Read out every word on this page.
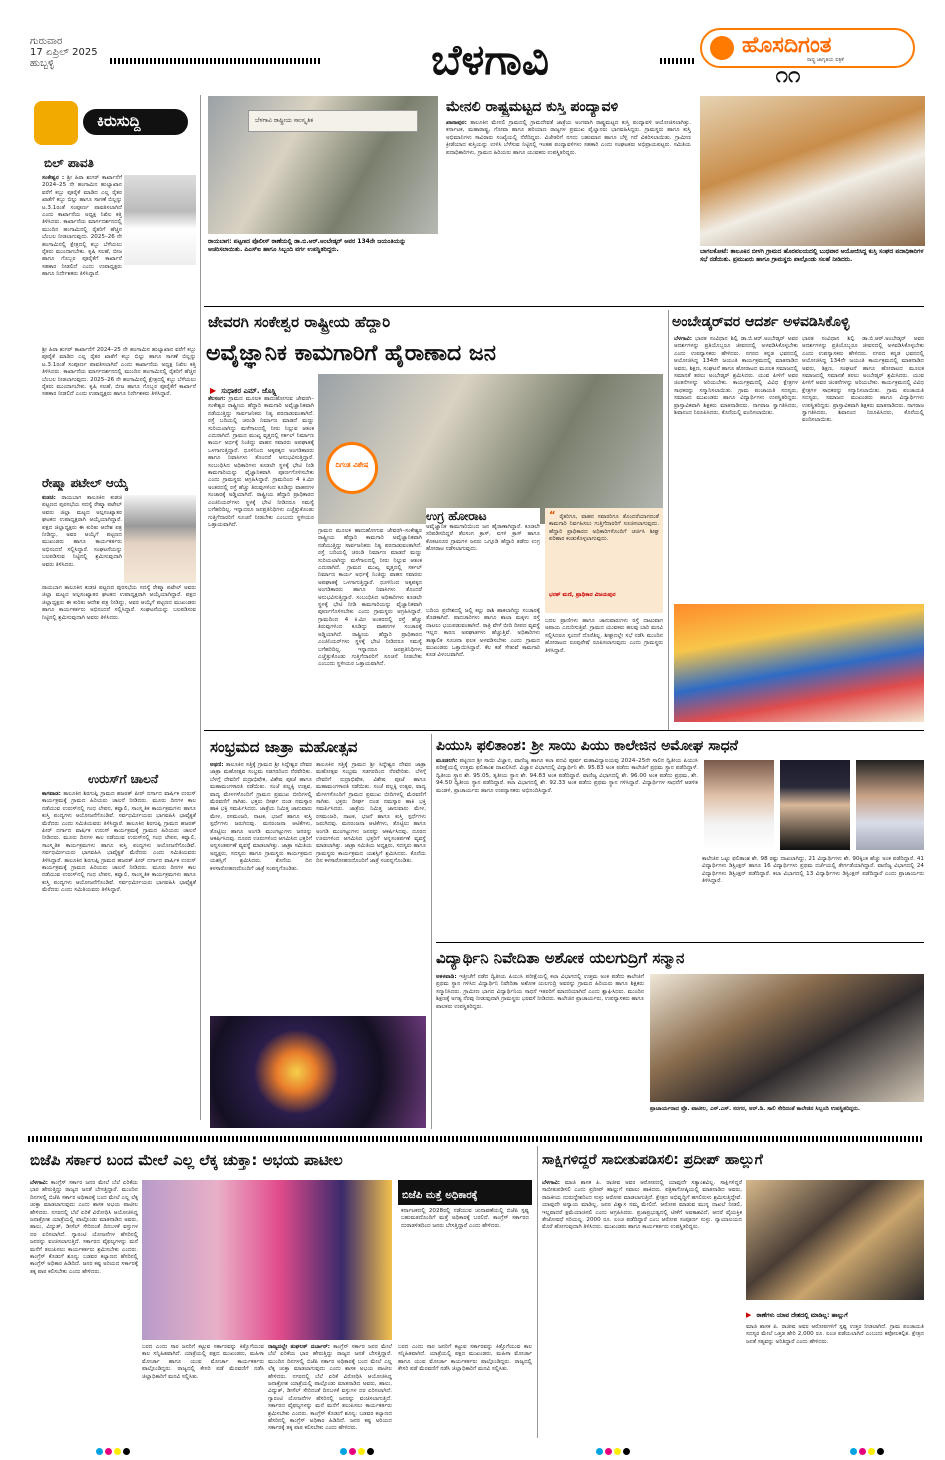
ಗುರುವಾರ
17 ಏಪ್ರಿಲ್ 2025
ಹುಬ್ಬಳ್ಳಿ	ಬೆಳಗಾವಿ	ಹೊಸದಿಗಂತ
ರಾಷ್ಟ್ರ ಜಾಗೃತಿಯ ಪತ್ರಿಕೆ
೧೧
ಕಿರುಸುದ್ದಿ
ಬಿಲ್ ಪಾವತಿ
ಸಂಕೇಶ್ವರ : ಶ್ರೀ ಹಿರಾ ಶುಗರ್ ಕಾರ್ಖಾನೆಗೆ 2024–25 ನೇ ಹಂಗಾಮಿನ ಹುಲ್ಯಾಖಾನ ವರೆಗೆ ಕಬ್ಬು ಪೂರೈಕೆ ಮಾಡಿದ ಎಲ್ಲ ರೈತರ ಖಾತೆಗೆ ಕಬ್ಬು ಬಿಲ್ಲು ಹಾಗೂ ಸಾಗಣೆ ಬಿಲ್ಲನ್ನು ಟ.3.1ರಂತೆ ಸಂಪೂರ್ಣ ಪಾವತಿಸಲಾಗಿದೆ ಎಂದು ಕಾರ್ಖಾನೆಯ ಅಧ್ಯಕ್ಷ ನಿಖಿಲ ಕತ್ತಿ ತಿಳಿಸಿದರು. ಕಾರ್ಖಾನೆಯ ಮಾರ್ಗದರ್ಶನದಲ್ಲಿ ಮುಂದಿನ ಹಂಗಾಮಿನಲ್ಲಿ ರೈತರಿಗೆ ಹೆಚ್ಚಿನ ಬೆಂಬಲ ನೀಡಲಾಗುವುದು. 2025–26 ನೇ ಹಂಗಾಮಿನಲ್ಲಿ ಕ್ಷೇತ್ರದಲ್ಲಿ ಕಬ್ಬು ಬೆಳೆಯಲು ರೈತರು ಮುಂದಾಗಬೇಕು. ಕೃಷಿ ಸಲಹೆ, ಬೀಜ ಹಾಗೂ ಗೊಬ್ಬರ ಪೂರೈಕೆಗೆ ಕಾರ್ಖಾನೆ ಸಹಕಾರ ನೀಡಲಿದೆ ಎಂದು ಉಪಾಧ್ಯಕ್ಷರು ಹಾಗೂ ನಿರ್ದೇಶಕರು ತಿಳಿಸಿದ್ದಾರೆ.
ಶ್ರೀ ಹಿರಾ ಶುಗರ್ ಕಾರ್ಖಾನೆಗೆ 2024–25 ನೇ ಹಂಗಾಮಿನ ಹುಲ್ಯಾಖಾನ ವರೆಗೆ ಕಬ್ಬು ಪೂರೈಕೆ ಮಾಡಿದ ಎಲ್ಲ ರೈತರ ಖಾತೆಗೆ ಕಬ್ಬು ಬಿಲ್ಲು ಹಾಗೂ ಸಾಗಣೆ ಬಿಲ್ಲನ್ನು ಟ.3.1ರಂತೆ ಸಂಪೂರ್ಣ ಪಾವತಿಸಲಾಗಿದೆ ಎಂದು ಕಾರ್ಖಾನೆಯ ಅಧ್ಯಕ್ಷ ನಿಖಿಲ ಕತ್ತಿ ತಿಳಿಸಿದರು. ಕಾರ್ಖಾನೆಯ ಮಾರ್ಗದರ್ಶನದಲ್ಲಿ ಮುಂದಿನ ಹಂಗಾಮಿನಲ್ಲಿ ರೈತರಿಗೆ ಹೆಚ್ಚಿನ ಬೆಂಬಲ ನೀಡಲಾಗುವುದು. 2025–26 ನೇ ಹಂಗಾಮಿನಲ್ಲಿ ಕ್ಷೇತ್ರದಲ್ಲಿ ಕಬ್ಬು ಬೆಳೆಯಲು ರೈತರು ಮುಂದಾಗಬೇಕು. ಕೃಷಿ ಸಲಹೆ, ಬೀಜ ಹಾಗೂ ಗೊಬ್ಬರ ಪೂರೈಕೆಗೆ ಕಾರ್ಖಾನೆ ಸಹಕಾರ ನೀಡಲಿದೆ ಎಂದು ಉಪಾಧ್ಯಕ್ಷರು ಹಾಗೂ ನಿರ್ದೇಶಕರು ತಿಳಿಸಿದ್ದಾರೆ.
ರೇಷ್ಮಾ ಪಟೇಲ್ ಆಯ್ಕೆ
ಕುಡಚಿ: ರಾಯಬಾಗ ತಾಲೂಕಿನ ಕುಡಚಿ ಪಟ್ಟಣದ ಪುರಸಭೆಯ ಸದಸ್ಯೆ ರೇಷ್ಮಾ ಪಟೇಲ್ ಅವರು ಜಿಲ್ಲಾ ಮಟ್ಟದ ಅಲ್ಪಸಂಖ್ಯಾತರ ಘಟಕದ ಉಪಾಧ್ಯಕ್ಷರಾಗಿ ಆಯ್ಕೆಯಾಗಿದ್ದಾರೆ. ಪಕ್ಷದ ಜಿಲ್ಲಾಧ್ಯಕ್ಷರು ಈ ಕುರಿತು ಆದೇಶ ಪತ್ರ ನೀಡಿದ್ದು, ಅವರ ಆಯ್ಕೆಗೆ ಪಟ್ಟಣದ ಮುಖಂಡರು ಹಾಗೂ ಕಾರ್ಯಕರ್ತರು ಅಭಿನಂದನೆ ಸಲ್ಲಿಸಿದ್ದಾರೆ. ಸಂಘಟನೆಯನ್ನು ಬಲಪಡಿಸುವ ನಿಟ್ಟಿನಲ್ಲಿ ಶ್ರಮಿಸುವುದಾಗಿ ಅವರು ತಿಳಿಸಿದರು.
ರಾಯಬಾಗ ತಾಲೂಕಿನ ಕುಡಚಿ ಪಟ್ಟಣದ ಪುರಸಭೆಯ ಸದಸ್ಯೆ ರೇಷ್ಮಾ ಪಟೇಲ್ ಅವರು ಜಿಲ್ಲಾ ಮಟ್ಟದ ಅಲ್ಪಸಂಖ್ಯಾತರ ಘಟಕದ ಉಪಾಧ್ಯಕ್ಷರಾಗಿ ಆಯ್ಕೆಯಾಗಿದ್ದಾರೆ. ಪಕ್ಷದ ಜಿಲ್ಲಾಧ್ಯಕ್ಷರು ಈ ಕುರಿತು ಆದೇಶ ಪತ್ರ ನೀಡಿದ್ದು, ಅವರ ಆಯ್ಕೆಗೆ ಪಟ್ಟಣದ ಮುಖಂಡರು ಹಾಗೂ ಕಾರ್ಯಕರ್ತರು ಅಭಿನಂದನೆ ಸಲ್ಲಿಸಿದ್ದಾರೆ. ಸಂಘಟನೆಯನ್ನು ಬಲಪಡಿಸುವ ನಿಟ್ಟಿನಲ್ಲಿ ಶ್ರಮಿಸುವುದಾಗಿ ಅವರು ತಿಳಿಸಿದರು.
ಉರುಸ್‌ಗೆ ಚಾಲನೆ
ಕಾಗವಾಡ: ತಾಲೂಕಿನ ಶಿರಗುಪ್ಪಿ ಗ್ರಾಮದ ಹಜರತ್ ಪೀರ್ ದರ್ಗಾದ ವಾರ್ಷಿಕ ಉರುಸ್ ಕಾರ್ಯಕ್ರಮಕ್ಕೆ ಗ್ರಾಮದ ಹಿರಿಯರು ಚಾಲನೆ ನೀಡಿದರು. ಮೂರು ದಿನಗಳ ಕಾಲ ನಡೆಯುವ ಉರುಸ್‌ನಲ್ಲಿ ಗಂಧ ಲೇಪನ, ಕವ್ವಾಲಿ, ಸಾಂಸ್ಕೃತಿಕ ಕಾರ್ಯಕ್ರಮಗಳು ಹಾಗೂ ಕುಸ್ತಿ ಪಂದ್ಯಗಳು ಆಯೋಜನೆಗೊಂಡಿವೆ. ಸರ್ವಧರ್ಮೀಯರು ಭಾಗವಹಿಸಿ ಭಾವೈಕ್ಯತೆ ಮೆರೆದರು ಎಂದು ಸಮಿತಿಯವರು ತಿಳಿಸಿದ್ದಾರೆ. ತಾಲೂಕಿನ ಶಿರಗುಪ್ಪಿ ಗ್ರಾಮದ ಹಜರತ್ ಪೀರ್ ದರ್ಗಾದ ವಾರ್ಷಿಕ ಉರುಸ್ ಕಾರ್ಯಕ್ರಮಕ್ಕೆ ಗ್ರಾಮದ ಹಿರಿಯರು ಚಾಲನೆ ನೀಡಿದರು. ಮೂರು ದಿನಗಳ ಕಾಲ ನಡೆಯುವ ಉರುಸ್‌ನಲ್ಲಿ ಗಂಧ ಲೇಪನ, ಕವ್ವಾಲಿ, ಸಾಂಸ್ಕೃತಿಕ ಕಾರ್ಯಕ್ರಮಗಳು ಹಾಗೂ ಕುಸ್ತಿ ಪಂದ್ಯಗಳು ಆಯೋಜನೆಗೊಂಡಿವೆ. ಸರ್ವಧರ್ಮೀಯರು ಭಾಗವಹಿಸಿ ಭಾವೈಕ್ಯತೆ ಮೆರೆದರು ಎಂದು ಸಮಿತಿಯವರು ತಿಳಿಸಿದ್ದಾರೆ. ತಾಲೂಕಿನ ಶಿರಗುಪ್ಪಿ ಗ್ರಾಮದ ಹಜರತ್ ಪೀರ್ ದರ್ಗಾದ ವಾರ್ಷಿಕ ಉರುಸ್ ಕಾರ್ಯಕ್ರಮಕ್ಕೆ ಗ್ರಾಮದ ಹಿರಿಯರು ಚಾಲನೆ ನೀಡಿದರು. ಮೂರು ದಿನಗಳ ಕಾಲ ನಡೆಯುವ ಉರುಸ್‌ನಲ್ಲಿ ಗಂಧ ಲೇಪನ, ಕವ್ವಾಲಿ, ಸಾಂಸ್ಕೃತಿಕ ಕಾರ್ಯಕ್ರಮಗಳು ಹಾಗೂ ಕುಸ್ತಿ ಪಂದ್ಯಗಳು ಆಯೋಜನೆಗೊಂಡಿವೆ. ಸರ್ವಧರ್ಮೀಯರು ಭಾಗವಹಿಸಿ ಭಾವೈಕ್ಯತೆ ಮೆರೆದರು ಎಂದು ಸಮಿತಿಯವರು ತಿಳಿಸಿದ್ದಾರೆ.
ಬೆಳಗಾವಿ ರಾಷ್ಟ್ರೀಯ ಸಾಂಸ್ಕೃತಿಕ
ರಾಯಬಾಗ: ಪಟ್ಟಣದ ಪೊಲೀಸ್ ಠಾಣೆಯಲ್ಲಿ ಡಾ.ಬಿ.ಆರ್.ಅಂಬೇಡ್ಕರ್ ಅವರ 134ನೇ ಜಯಂತಿಯನ್ನು ಆಚರಿಸಲಾಯಿತು. ಪಿಎಸ್‌ಐ ಹಾಗೂ ಸಿಬ್ಬಂದಿ ವರ್ಗ ಉಪಸ್ಥಿತರಿದ್ದರು.
ಮೇನಲಿ ರಾಷ್ಟ್ರಮಟ್ಟದ ಕುಸ್ತಿ ಪಂದ್ಯಾವಳಿ
ಖಾನಾಪುರ: ತಾಲೂಕಿನ ಮೇನಲಿ ಗ್ರಾಮದಲ್ಲಿ ಗ್ರಾಮದೇವತೆ ಜಾತ್ರೆಯ ಅಂಗವಾಗಿ ರಾಷ್ಟ್ರಮಟ್ಟದ ಕುಸ್ತಿ ಪಂದ್ಯಾವಳಿ ಆಯೋಜಿಸಲಾಗಿತ್ತು. ಕರ್ನಾಟಕ, ಮಹಾರಾಷ್ಟ್ರ, ಗೋವಾ ಹಾಗೂ ಹರಿಯಾಣ ರಾಜ್ಯಗಳ ಪ್ರಮುಖ ಪೈಲ್ವಾನರು ಭಾಗವಹಿಸಿದ್ದರು. ಗ್ರಾಮಸ್ಥರು ಹಾಗೂ ಕುಸ್ತಿ ಅಭಿಮಾನಿಗಳು ಸಾವಿರಾರು ಸಂಖ್ಯೆಯಲ್ಲಿ ನೆರೆದಿದ್ದರು. ವಿಜೇತರಿಗೆ ನಗದು ಬಹುಮಾನ ಹಾಗೂ ಬೆಳ್ಳಿ ಗದೆ ವಿತರಿಸಲಾಯಿತು. ಗ್ರಾಮೀಣ ಕ್ರೀಡೆಯಾದ ಕುಸ್ತಿಯನ್ನು ಉಳಿಸಿ ಬೆಳೆಸುವ ನಿಟ್ಟಿನಲ್ಲಿ ಇಂತಹ ಪಂದ್ಯಾವಳಿಗಳು ಸಹಕಾರಿ ಎಂದು ಸಂಘಟಕರು ಅಭಿಪ್ರಾಯಪಟ್ಟರು. ಸಮಿತಿಯ ಪದಾಧಿಕಾರಿಗಳು, ಗ್ರಾಮದ ಹಿರಿಯರು ಹಾಗೂ ಯುವಕರು ಉಪಸ್ಥಿತರಿದ್ದರು.
ಬಾಗಲಕೋಟೆ: ತಾಲೂಕಿನ ಬೀಳಗಿ ಗ್ರಾಮದ ಹೊರವಲಯದಲ್ಲಿ ಬುಧವಾರ ಆಯೋಜಿಸಿದ್ದ ಕುಸ್ತಿ ಸಂಘದ ಪದಾಧಿಕಾರಿಗಳ ಸಭೆ ನಡೆಯಿತು. ಪ್ರಮುಖರು ಹಾಗೂ ಗ್ರಾಮಸ್ಥರು ಪಾಲ್ಗೊಂಡು ಸಲಹೆ ನೀಡಿದರು.
ಜೇವರಗಿ ಸಂಕೇಶ್ವರ ರಾಷ್ಟ್ರೀಯ ಹೆದ್ದಾರಿ
ಅವೈಜ್ಞಾನಿಕ ಕಾಮಗಾರಿಗೆ ಹೈರಾಣಾದ ಜನ
▶ ಸುಧಾಕರ ಎಮ್. ಜೊಸ್ಲ್ಲಿ
ತೆಲಸಂಗ: ಗ್ರಾಮದ ಮೂಲಕ ಹಾದುಹೋಗುವ ಜೇವರಗಿ–ಸಂಕೇಶ್ವರ ರಾಷ್ಟ್ರೀಯ ಹೆದ್ದಾರಿ ಕಾಮಗಾರಿ ಅವೈಜ್ಞಾನಿಕವಾಗಿ ನಡೆಯುತ್ತಿದ್ದು ಸಾರ್ವಜನಿಕರು ನಿತ್ಯ ಪರದಾಡುವಂತಾಗಿದೆ. ರಸ್ತೆ ಬದಿಯಲ್ಲಿ ಚರಂಡಿ ನಿರ್ಮಾಣ ಮಾಡದೆ ಮಣ್ಣು ಸುರಿಯಲಾಗಿದ್ದು ಮಳೆಗಾಲದಲ್ಲಿ ನೀರು ನಿಲ್ಲುವ ಆತಂಕ ಎದುರಾಗಿದೆ. ಗ್ರಾಮದ ಮುಖ್ಯ ವೃತ್ತದಲ್ಲಿ ಸರ್ಕಲ್ ನಿರ್ಮಾಣ ಕಾರ್ಯ ಅರ್ಧಕ್ಕೆ ನಿಂತಿದ್ದು ವಾಹನ ಸವಾರರು ಅಪಘಾತಕ್ಕೆ ಒಳಗಾಗುತ್ತಿದ್ದಾರೆ. ಧೂಳಿನಿಂದ ಅಕ್ಕಪಕ್ಕದ ಅಂಗಡಿಕಾರರು ಹಾಗೂ ನಿವಾಸಿಗಳು ತೊಂದರೆ ಅನುಭವಿಸುತ್ತಿದ್ದಾರೆ. ಸಂಬಂಧಿಸಿದ ಅಧಿಕಾರಿಗಳು ಕೂಡಲೇ ಸ್ಥಳಕ್ಕೆ ಭೇಟಿ ನೀಡಿ ಕಾಮಗಾರಿಯನ್ನು ವೈಜ್ಞಾನಿಕವಾಗಿ ಪೂರ್ಣಗೊಳಿಸಬೇಕು ಎಂದು ಗ್ರಾಮಸ್ಥರು ಆಗ್ರಹಿಸಿದ್ದಾರೆ. ಗ್ರಾಮದಿಂದ 4 ಕಿ.ಮೀ ಅಂತರದಲ್ಲಿ ರಸ್ತೆ ಹೆಚ್ಚು ತಿರುವುಗಳಿಂದ ಕೂಡಿದ್ದು ವಾಹನಗಳ ಸಂಚಾರಕ್ಕೆ ಅಡ್ಡಿಯಾಗಿದೆ. ರಾಷ್ಟ್ರೀಯ ಹೆದ್ದಾರಿ ಪ್ರಾಧಿಕಾರದ ಎಂಜಿನಿಯರ್‌ಗಳು ಸ್ಥಳಕ್ಕೆ ಭೇಟಿ ನೀಡಿದರೂ ಸಮಸ್ಯೆ ಬಗೆಹರಿದಿಲ್ಲ. ಇನ್ನಾದರೂ ಜನಪ್ರತಿನಿಧಿಗಳು ಎಚ್ಚೆತ್ತುಕೊಂಡು ಗುತ್ತಿಗೆದಾರರಿಗೆ ಸೂಚನೆ ನೀಡಬೇಕು ಎಂಬುದು ಸ್ಥಳೀಯರ ಒತ್ತಾಯವಾಗಿದೆ.
ದಿಗಂತ ವಿಶೇಷ
ಗ್ರಾಮದ ಮೂಲಕ ಹಾದುಹೋಗುವ ಜೇವರಗಿ–ಸಂಕೇಶ್ವರ ರಾಷ್ಟ್ರೀಯ ಹೆದ್ದಾರಿ ಕಾಮಗಾರಿ ಅವೈಜ್ಞಾನಿಕವಾಗಿ ನಡೆಯುತ್ತಿದ್ದು ಸಾರ್ವಜನಿಕರು ನಿತ್ಯ ಪರದಾಡುವಂತಾಗಿದೆ. ರಸ್ತೆ ಬದಿಯಲ್ಲಿ ಚರಂಡಿ ನಿರ್ಮಾಣ ಮಾಡದೆ ಮಣ್ಣು ಸುರಿಯಲಾಗಿದ್ದು ಮಳೆಗಾಲದಲ್ಲಿ ನೀರು ನಿಲ್ಲುವ ಆತಂಕ ಎದುರಾಗಿದೆ. ಗ್ರಾಮದ ಮುಖ್ಯ ವೃತ್ತದಲ್ಲಿ ಸರ್ಕಲ್ ನಿರ್ಮಾಣ ಕಾರ್ಯ ಅರ್ಧಕ್ಕೆ ನಿಂತಿದ್ದು ವಾಹನ ಸವಾರರು ಅಪಘಾತಕ್ಕೆ ಒಳಗಾಗುತ್ತಿದ್ದಾರೆ. ಧೂಳಿನಿಂದ ಅಕ್ಕಪಕ್ಕದ ಅಂಗಡಿಕಾರರು ಹಾಗೂ ನಿವಾಸಿಗಳು ತೊಂದರೆ ಅನುಭವಿಸುತ್ತಿದ್ದಾರೆ. ಸಂಬಂಧಿಸಿದ ಅಧಿಕಾರಿಗಳು ಕೂಡಲೇ ಸ್ಥಳಕ್ಕೆ ಭೇಟಿ ನೀಡಿ ಕಾಮಗಾರಿಯನ್ನು ವೈಜ್ಞಾನಿಕವಾಗಿ ಪೂರ್ಣಗೊಳಿಸಬೇಕು ಎಂದು ಗ್ರಾಮಸ್ಥರು ಆಗ್ರಹಿಸಿದ್ದಾರೆ. ಗ್ರಾಮದಿಂದ 4 ಕಿ.ಮೀ ಅಂತರದಲ್ಲಿ ರಸ್ತೆ ಹೆಚ್ಚು ತಿರುವುಗಳಿಂದ ಕೂಡಿದ್ದು ವಾಹನಗಳ ಸಂಚಾರಕ್ಕೆ ಅಡ್ಡಿಯಾಗಿದೆ. ರಾಷ್ಟ್ರೀಯ ಹೆದ್ದಾರಿ ಪ್ರಾಧಿಕಾರದ ಎಂಜಿನಿಯರ್‌ಗಳು ಸ್ಥಳಕ್ಕೆ ಭೇಟಿ ನೀಡಿದರೂ ಸಮಸ್ಯೆ ಬಗೆಹರಿದಿಲ್ಲ. ಇನ್ನಾದರೂ ಜನಪ್ರತಿನಿಧಿಗಳು ಎಚ್ಚೆತ್ತುಕೊಂಡು ಗುತ್ತಿಗೆದಾರರಿಗೆ ಸೂಚನೆ ನೀಡಬೇಕು ಎಂಬುದು ಸ್ಥಳೀಯರ ಒತ್ತಾಯವಾಗಿದೆ.
ಉಗ್ರ ಹೋರಾಟ
ಅವೈಜ್ಞಾನಿಕ ಕಾಮಗಾರಿಯಿಂದ ಜನ ಹೈರಾಣಾಗಿದ್ದಾರೆ. ಕೂಡಲೇ ಸರಿಪಡಿಸದಿದ್ದರೆ ತೆಲಸಂಗ ಕ್ರಾಸ್, ಐಗಳಿ ಕ್ರಾಸ್ ಹಾಗೂ ಕೊಕಟನೂರ ಗ್ರಾಮಗಳ ಜನರು ಒಗ್ಗೂಡಿ ಹೆದ್ದಾರಿ ತಡೆದು ಉಗ್ರ ಹೋರಾಟ ನಡೆಸಲಾಗುವುದು.
“ ರೈತರಿಗೂ, ವಾಹನ ಸವಾರರಿಗೂ ತೊಂದರೆಯಾಗದಂತೆ ಕಾಮಗಾರಿ ನಿರ್ವಹಿಸಲು ಗುತ್ತಿಗೆದಾರರಿಗೆ ಸೂಚಿಸಲಾಗುವುದು. ಹೆದ್ದಾರಿ ಪ್ರಾಧಿಕಾರದ ಅಧಿಕಾರಿಗಳೊಂದಿಗೆ ಚರ್ಚಿಸಿ ಶೀಘ್ರ ಪರಿಹಾರ ಕಂಡುಕೊಳ್ಳಲಾಗುವುದು.
ಭರತ್ ಮಣಿ, ಪ್ರಾಧಿಕಾರ ವಿಜಯಪುರ
ಬದಿಯ ಪ್ರದೇಶದಲ್ಲಿ ಜಲ್ಲಿ ಕಲ್ಲು ರಾಶಿ ಹಾಕಲಾಗಿದ್ದು ಸಂಚಾರಕ್ಕೆ ತೊಡಕಾಗಿದೆ. ಪಾದಚಾರಿಗಳು ಹಾಗೂ ಶಾಲಾ ಮಕ್ಕಳು ರಸ್ತೆ ದಾಟಲು ಭಯಪಡುವಂತಾಗಿದೆ. ರಾತ್ರಿ ವೇಳೆ ಬೀದಿ ದೀಪದ ವ್ಯವಸ್ಥೆ ಇಲ್ಲದ ಕಾರಣ ಅಪಘಾತಗಳು ಹೆಚ್ಚುತ್ತಿವೆ. ಅಧಿಕಾರಿಗಳು ತಾತ್ಕಾಲಿಕ ಸೂಚನಾ ಫಲಕ ಅಳವಡಿಸಬೇಕು ಎಂದು ಗ್ರಾಮದ ಮುಖಂಡರು ಒತ್ತಾಯಿಸಿದ್ದಾರೆ. ಕೆಲ ಕಡೆ ಸೇತುವೆ ಕಾಮಗಾರಿ ಕೂಡ ವಿಳಂಬವಾಗಿದೆ.
ಬದಲ ಪ್ರಾಣಿಗಳು ಹಾಗೂ ಜಾನುವಾರುಗಳು ರಸ್ತೆ ದಾಟುವಾಗ ಅಪಾಯ ಎದುರಿಸುತ್ತಿವೆ. ಗ್ರಾಮದ ಯುವಕರು ಹಲವು ಬಾರಿ ಮನವಿ ಸಲ್ಲಿಸಿದರೂ ಸ್ಪಂದನೆ ದೊರೆತಿಲ್ಲ. ಶೀಘ್ರದಲ್ಲೇ ಸಭೆ ನಡೆಸಿ ಮುಂದಿನ ಹೋರಾಟದ ರೂಪುರೇಷೆ ರೂಪಿಸಲಾಗುವುದು ಎಂದು ಗ್ರಾಮಸ್ಥರು ತಿಳಿಸಿದ್ದಾರೆ.
ಅಂಬೇಡ್ಕರ್‌ವರ ಆದರ್ಶ ಅಳವಡಿಸಿಕೊಳ್ಳಿ
ಬೆಳಗಾವಿ: ಭಾರತ ಸಂವಿಧಾನ ಶಿಲ್ಪಿ ಡಾ.ಬಿ.ಆರ್.ಅಂಬೇಡ್ಕರ್ ಅವರ ಆದರ್ಶಗಳನ್ನು ಪ್ರತಿಯೊಬ್ಬರೂ ಜೀವನದಲ್ಲಿ ಅಳವಡಿಸಿಕೊಳ್ಳಬೇಕು ಎಂದು ಉಪನ್ಯಾಸಕರು ಹೇಳಿದರು. ನಗರದ ಕನ್ನಡ ಭವನದಲ್ಲಿ ಆಯೋಜಿಸಿದ್ದ 134ನೇ ಜಯಂತಿ ಕಾರ್ಯಕ್ರಮದಲ್ಲಿ ಮಾತನಾಡಿದ ಅವರು, ಶಿಕ್ಷಣ, ಸಂಘಟನೆ ಹಾಗೂ ಹೋರಾಟದ ಮೂಲಕ ಸಮಾಜದಲ್ಲಿ ಸಮಾನತೆ ತರಲು ಅಂಬೇಡ್ಕರ್ ಶ್ರಮಿಸಿದರು. ಯುವ ಪೀಳಿಗೆ ಅವರ ಚಿಂತನೆಗಳನ್ನು ಅರಿಯಬೇಕು. ಕಾರ್ಯಕ್ರಮದಲ್ಲಿ ವಿವಿಧ ಕ್ಷೇತ್ರಗಳ ಸಾಧಕರನ್ನು ಸನ್ಮಾನಿಸಲಾಯಿತು. ಗ್ರಾಮ ಪಂಚಾಯತಿ ಸದಸ್ಯರು, ಸಮಾಜದ ಮುಖಂಡರು ಹಾಗೂ ವಿದ್ಯಾರ್ಥಿಗಳು ಉಪಸ್ಥಿತರಿದ್ದರು. ಪ್ರಾಸ್ತಾವಿಕವಾಗಿ ಶಿಕ್ಷಕರು ಮಾತನಾಡಿದರು. ನಾಗರಾಜ ಸ್ವಾಗತಿಸಿದರು, ಶಿವಾನಂದ ನಿರೂಪಿಸಿದರು, ಕೊನೆಯಲ್ಲಿ ವಂದಿಸಲಾಯಿತು.
ಭಾರತ ಸಂವಿಧಾನ ಶಿಲ್ಪಿ ಡಾ.ಬಿ.ಆರ್.ಅಂಬೇಡ್ಕರ್ ಅವರ ಆದರ್ಶಗಳನ್ನು ಪ್ರತಿಯೊಬ್ಬರೂ ಜೀವನದಲ್ಲಿ ಅಳವಡಿಸಿಕೊಳ್ಳಬೇಕು ಎಂದು ಉಪನ್ಯಾಸಕರು ಹೇಳಿದರು. ನಗರದ ಕನ್ನಡ ಭವನದಲ್ಲಿ ಆಯೋಜಿಸಿದ್ದ 134ನೇ ಜಯಂತಿ ಕಾರ್ಯಕ್ರಮದಲ್ಲಿ ಮಾತನಾಡಿದ ಅವರು, ಶಿಕ್ಷಣ, ಸಂಘಟನೆ ಹಾಗೂ ಹೋರಾಟದ ಮೂಲಕ ಸಮಾಜದಲ್ಲಿ ಸಮಾನತೆ ತರಲು ಅಂಬೇಡ್ಕರ್ ಶ್ರಮಿಸಿದರು. ಯುವ ಪೀಳಿಗೆ ಅವರ ಚಿಂತನೆಗಳನ್ನು ಅರಿಯಬೇಕು. ಕಾರ್ಯಕ್ರಮದಲ್ಲಿ ವಿವಿಧ ಕ್ಷೇತ್ರಗಳ ಸಾಧಕರನ್ನು ಸನ್ಮಾನಿಸಲಾಯಿತು. ಗ್ರಾಮ ಪಂಚಾಯತಿ ಸದಸ್ಯರು, ಸಮಾಜದ ಮುಖಂಡರು ಹಾಗೂ ವಿದ್ಯಾರ್ಥಿಗಳು ಉಪಸ್ಥಿತರಿದ್ದರು. ಪ್ರಾಸ್ತಾವಿಕವಾಗಿ ಶಿಕ್ಷಕರು ಮಾತನಾಡಿದರು. ನಾಗರಾಜ ಸ್ವಾಗತಿಸಿದರು, ಶಿವಾನಂದ ನಿರೂಪಿಸಿದರು, ಕೊನೆಯಲ್ಲಿ ವಂದಿಸಲಾಯಿತು.
ಸಂಭ್ರಮದ ಜಾತ್ರಾ ಮಹೋತ್ಸವ
ಅಥಣಿ: ತಾಲೂಕಿನ ಸತ್ತಿಕ್ಕೆ ಗ್ರಾಮದ ಶ್ರೀ ಸಿದ್ದೇಶ್ವರ ದೇವರ ಜಾತ್ರಾ ಮಹೋತ್ಸವ ಸಂಭ್ರಮ ಸಡಗರದಿಂದ ನೆರವೇರಿತು. ಬೆಳಗ್ಗೆ ದೇವರಿಗೆ ರುದ್ರಾಭಿಷೇಕ, ವಿಶೇಷ ಪೂಜೆ ಹಾಗೂ ಮಹಾಮಂಗಳಾರತಿ ನಡೆಯಿತು. ಸಂಜೆ ಪಲ್ಲಕ್ಕಿ ಉತ್ಸವ, ವಾದ್ಯ ಮೇಳಗಳೊಂದಿಗೆ ಗ್ರಾಮದ ಪ್ರಮುಖ ಬೀದಿಗಳಲ್ಲಿ ಮೆರವಣಿಗೆ ಸಾಗಿತು. ಭಕ್ತರು ದೀರ್ಘ ದಂಡ ನಮಸ್ಕಾರ ಹಾಕಿ ಭಕ್ತಿ ಸಮರ್ಪಿಸಿದರು. ಜಾತ್ರೆಯ ನಿಮಿತ್ತ ಜಾನುವಾರು ಮೇಳ, ರಸಮಂಜರಿ, ನಾಟಕ, ಭಜನೆ ಹಾಗೂ ಕುಸ್ತಿ ಸ್ಪರ್ಧೆಗಳು ಜರುಗಿದವು. ಮನರಂಜನಾ ಆಟಿಕೆಗಳು, ತೊಟ್ಟಿಲು ಹಾಗೂ ಅಂಗಡಿ ಮುಂಗಟ್ಟುಗಳು ಜನರನ್ನು ಆಕರ್ಷಿಸಿದವು. ದೂರದ ಊರುಗಳಿಂದ ಆಗಮಿಸಿದ ಭಕ್ತರಿಗೆ ಅನ್ನಸಂತರ್ಪಣೆ ವ್ಯವಸ್ಥೆ ಮಾಡಲಾಗಿತ್ತು. ಜಾತ್ರಾ ಸಮಿತಿಯ ಅಧ್ಯಕ್ಷರು, ಸದಸ್ಯರು ಹಾಗೂ ಗ್ರಾಮಸ್ಥರು ಕಾರ್ಯಕ್ರಮದ ಯಶಸ್ಸಿಗೆ ಶ್ರಮಿಸಿದರು. ಕೊನೆಯ ದಿನ ಕಳಸಾರೋಹಣದೊಂದಿಗೆ ಜಾತ್ರೆ ಸಂಪನ್ನಗೊಂಡಿತು.
ತಾಲೂಕಿನ ಸತ್ತಿಕ್ಕೆ ಗ್ರಾಮದ ಶ್ರೀ ಸಿದ್ದೇಶ್ವರ ದೇವರ ಜಾತ್ರಾ ಮಹೋತ್ಸವ ಸಂಭ್ರಮ ಸಡಗರದಿಂದ ನೆರವೇರಿತು. ಬೆಳಗ್ಗೆ ದೇವರಿಗೆ ರುದ್ರಾಭಿಷೇಕ, ವಿಶೇಷ ಪೂಜೆ ಹಾಗೂ ಮಹಾಮಂಗಳಾರತಿ ನಡೆಯಿತು. ಸಂಜೆ ಪಲ್ಲಕ್ಕಿ ಉತ್ಸವ, ವಾದ್ಯ ಮೇಳಗಳೊಂದಿಗೆ ಗ್ರಾಮದ ಪ್ರಮುಖ ಬೀದಿಗಳಲ್ಲಿ ಮೆರವಣಿಗೆ ಸಾಗಿತು. ಭಕ್ತರು ದೀರ್ಘ ದಂಡ ನಮಸ್ಕಾರ ಹಾಕಿ ಭಕ್ತಿ ಸಮರ್ಪಿಸಿದರು. ಜಾತ್ರೆಯ ನಿಮಿತ್ತ ಜಾನುವಾರು ಮೇಳ, ರಸಮಂಜರಿ, ನಾಟಕ, ಭಜನೆ ಹಾಗೂ ಕುಸ್ತಿ ಸ್ಪರ್ಧೆಗಳು ಜರುಗಿದವು. ಮನರಂಜನಾ ಆಟಿಕೆಗಳು, ತೊಟ್ಟಿಲು ಹಾಗೂ ಅಂಗಡಿ ಮುಂಗಟ್ಟುಗಳು ಜನರನ್ನು ಆಕರ್ಷಿಸಿದವು. ದೂರದ ಊರುಗಳಿಂದ ಆಗಮಿಸಿದ ಭಕ್ತರಿಗೆ ಅನ್ನಸಂತರ್ಪಣೆ ವ್ಯವಸ್ಥೆ ಮಾಡಲಾಗಿತ್ತು. ಜಾತ್ರಾ ಸಮಿತಿಯ ಅಧ್ಯಕ್ಷರು, ಸದಸ್ಯರು ಹಾಗೂ ಗ್ರಾಮಸ್ಥರು ಕಾರ್ಯಕ್ರಮದ ಯಶಸ್ಸಿಗೆ ಶ್ರಮಿಸಿದರು. ಕೊನೆಯ ದಿನ ಕಳಸಾರೋಹಣದೊಂದಿಗೆ ಜಾತ್ರೆ ಸಂಪನ್ನಗೊಂಡಿತು.
ಪಿಯುಸಿ ಫಲಿತಾಂಶ: ಶ್ರೀ ಸಾಯಿ ಪಿಯು ಕಾಲೇಜಿನ ಅಮೋಘ ಸಾಧನೆ
ಮೂಡಲಗಿ: ಪಟ್ಟಣದ ಶ್ರೀ ಸಾಯಿ ವಿಜ್ಞಾನ, ವಾಣಿಜ್ಯ ಹಾಗೂ ಕಲಾ ಪದವಿ ಪೂರ್ವ ಮಹಾವಿದ್ಯಾಲಯವು 2024–25ನೇ ಸಾಲಿನ ದ್ವಿತೀಯ ಪಿಯುಸಿ ಪರೀಕ್ಷೆಯಲ್ಲಿ ಉತ್ತಮ ಫಲಿತಾಂಶ ದಾಖಲಿಸಿದೆ. ವಿಜ್ಞಾನ ವಿಭಾಗದಲ್ಲಿ ವಿದ್ಯಾರ್ಥಿನಿ ಶೇ. 95.83 ಅಂಕ ಪಡೆದು ಕಾಲೇಜಿಗೆ ಪ್ರಥಮ ಸ್ಥಾನ ಪಡೆದಿದ್ದಾಳೆ. ದ್ವಿತೀಯ ಸ್ಥಾನ ಶೇ. 95.05, ತೃತೀಯ ಸ್ಥಾನ ಶೇ. 94.83 ಅಂಕ ಪಡೆದಿದ್ದಾರೆ. ವಾಣಿಜ್ಯ ವಿಭಾಗದಲ್ಲಿ ಶೇ. 96.00 ಅಂಕ ಪಡೆದು ಪ್ರಥಮ, ಶೇ. 94.50 ದ್ವಿತೀಯ ಸ್ಥಾನ ಪಡೆದಿದ್ದಾರೆ. ಕಲಾ ವಿಭಾಗದಲ್ಲಿ ಶೇ. 92.33 ಅಂಕ ಪಡೆದು ಪ್ರಥಮ ಸ್ಥಾನ ಗಳಿಸಿದ್ದಾರೆ. ವಿದ್ಯಾರ್ಥಿಗಳ ಸಾಧನೆಗೆ ಆಡಳಿತ ಮಂಡಳಿ, ಪ್ರಾಚಾರ್ಯರು ಹಾಗೂ ಉಪನ್ಯಾಸಕರು ಅಭಿನಂದಿಸಿದ್ದಾರೆ.
ಕಾಲೇಜಿನ ಒಟ್ಟು ಫಲಿತಾಂಶ ಶೇ. 98 ರಷ್ಟು ದಾಖಲಾಗಿದ್ದು, 21 ವಿದ್ಯಾರ್ಥಿಗಳು ಶೇ. 90ಕ್ಕಿಂತ ಹೆಚ್ಚು ಅಂಕ ಪಡೆದಿದ್ದಾರೆ. 41 ವಿದ್ಯಾರ್ಥಿಗಳು ಡಿಸ್ಟಿಂಕ್ಷನ್ ಹಾಗೂ 16 ವಿದ್ಯಾರ್ಥಿಗಳು ಪ್ರಥಮ ದರ್ಜೆಯಲ್ಲಿ ತೇರ್ಗಡೆಯಾಗಿದ್ದಾರೆ. ವಾಣಿಜ್ಯ ವಿಭಾಗದಲ್ಲಿ 24 ವಿದ್ಯಾರ್ಥಿಗಳು ಡಿಸ್ಟಿಂಕ್ಷನ್ ಪಡೆದಿದ್ದಾರೆ. ಕಲಾ ವಿಭಾಗದಲ್ಲಿ 13 ವಿದ್ಯಾರ್ಥಿಗಳು ಡಿಸ್ಟಿಂಕ್ಷನ್ ಪಡೆದಿದ್ದಾರೆ ಎಂದು ಪ್ರಾಚಾರ್ಯರು ತಿಳಿಸಿದ್ದಾರೆ.
ವಿದ್ಯಾರ್ಥಿನಿ ನಿವೇದಿತಾ ಅಶೋಕ ಯಲಗುದ್ರಿಗೆ ಸನ್ಮಾನ
ಅಕಳವಾಡಿ: ಇತ್ತೀಚೆಗೆ ನಡೆದ ದ್ವಿತೀಯ ಪಿಯುಸಿ ಪರೀಕ್ಷೆಯಲ್ಲಿ ಕಲಾ ವಿಭಾಗದಲ್ಲಿ ಉತ್ತಮ ಅಂಕ ಪಡೆದು ಕಾಲೇಜಿಗೆ ಪ್ರಥಮ ಸ್ಥಾನ ಗಳಿಸಿದ ವಿದ್ಯಾರ್ಥಿನಿ ನಿವೇದಿತಾ ಅಶೋಕ ಯಲಗುದ್ರಿ ಅವರನ್ನು ಗ್ರಾಮದ ಹಿರಿಯರು ಹಾಗೂ ಶಿಕ್ಷಕರು ಸನ್ಮಾನಿಸಿದರು. ಗ್ರಾಮೀಣ ಭಾಗದ ವಿದ್ಯಾರ್ಥಿನಿಯ ಸಾಧನೆ ಇತರರಿಗೆ ಮಾದರಿಯಾಗಿದೆ ಎಂದು ಶ್ಲಾಘಿಸಿದರು. ಮುಂದಿನ ಶಿಕ್ಷಣಕ್ಕೆ ಅಗತ್ಯ ನೆರವು ನೀಡುವುದಾಗಿ ಗ್ರಾಮಸ್ಥರು ಭರವಸೆ ನೀಡಿದರು. ಕಾಲೇಜಿನ ಪ್ರಾಚಾರ್ಯರು, ಉಪನ್ಯಾಸಕರು ಹಾಗೂ ಪಾಲಕರು ಉಪಸ್ಥಿತರಿದ್ದರು.
ಪ್ರಾಚಾರ್ಯರಾದ ಪ್ರೊ. ಪಾಟೀಲ, ಎಸ್.ಎಸ್. ಸರಗರ, ಆರ್.ಡಿ. ಸಾಲಿ ಸೇರಿದಂತೆ ಕಾಲೇಜಿನ ಸಿಬ್ಬಂದಿ ಉಪಸ್ಥಿತರಿದ್ದರು.
ಬಿಜೆಪಿ ಸರ್ಕಾರ ಬಂದ ಮೇಲೆ ಎಲ್ಲ ಲೆಕ್ಕ ಚುಕ್ತಾ: ಅಭಯ ಪಾಟೀಲ
ಬೆಳಗಾವಿ: ಕಾಂಗ್ರೆಸ್ ಸರ್ಕಾರ ಜನರ ಮೇಲೆ ಬೆಲೆ ಏರಿಕೆಯ ಭಾರ ಹೇರುತ್ತಿದ್ದು ರಾಜ್ಯದ ಜನತೆ ಬೇಸತ್ತಿದ್ದಾರೆ. ಮುಂದಿನ ದಿನಗಳಲ್ಲಿ ಬಿಜೆಪಿ ಸರ್ಕಾರ ಅಧಿಕಾರಕ್ಕೆ ಬಂದ ಮೇಲೆ ಎಲ್ಲ ಲೆಕ್ಕ ಚುಕ್ತಾ ಮಾಡಲಾಗುವುದು ಎಂದು ಶಾಸಕ ಅಭಯ ಪಾಟೀಲ ಹೇಳಿದರು. ನಗರದಲ್ಲಿ ಬೆಲೆ ಏರಿಕೆ ವಿರೋಧಿಸಿ ಆಯೋಜಿಸಿದ್ದ ಜನಾಕ್ರೋಶ ಯಾತ್ರೆಯಲ್ಲಿ ಪಾಲ್ಗೊಂಡು ಮಾತನಾಡಿದ ಅವರು, ಹಾಲು, ವಿದ್ಯುತ್, ಡೀಸೆಲ್ ಸೇರಿದಂತೆ ದಿನಬಳಕೆ ವಸ್ತುಗಳ ದರ ಏರಿಸಲಾಗಿದೆ. ಗ್ಯಾರಂಟಿ ಯೋಜನೆಗಳ ಹೆಸರಿನಲ್ಲಿ ಜನರನ್ನು ವಂಚಿಸಲಾಗುತ್ತಿದೆ. ಸರ್ಕಾರದ ವೈಫಲ್ಯಗಳನ್ನು ಮನೆ ಮನೆಗೆ ತಲುಪಿಸಲು ಕಾರ್ಯಕರ್ತರು ಶ್ರಮಿಸಬೇಕು ಎಂದರು. ಕಾಂಗ್ರೆಸ್ ಕೊಡುಗೆ ಶೂನ್ಯ: ಬಡವರ ಕಲ್ಯಾಣದ ಹೆಸರಿನಲ್ಲಿ ಕಾಂಗ್ರೆಸ್ ಅಧಿಕಾರ ಹಿಡಿದಿದೆ. ಜನರ ಕಷ್ಟ ಅರಿಯದ ಸರ್ಕಾರಕ್ಕೆ ತಕ್ಕ ಪಾಠ ಕಲಿಸಬೇಕು ಎಂದು ಹೇಳಿದರು.
ಬಿಜೆಪಿ ಮತ್ತೆ ಅಧಿಕಾರಕ್ಕೆ
ಕರ್ನಾಟಕದಲ್ಲಿ 2028ರಲ್ಲಿ ನಡೆಯುವ ಚುನಾವಣೆಯಲ್ಲಿ ಬಿಜೆಪಿ ಸ್ಪಷ್ಟ ಬಹುಮತದೊಂದಿಗೆ ಮತ್ತೆ ಅಧಿಕಾರಕ್ಕೆ ಬರಲಿದೆ. ಕಾಂಗ್ರೆಸ್ ಸರ್ಕಾರದ ದುರಾಡಳಿತದಿಂದ ಜನರು ಬೇಸತ್ತಿದ್ದಾರೆ ಎಂದು ಹೇಳಿದರು.
ಬರದ ಎಂದು ಸಾರ ಜನರಿಗೆ ಕಟ್ಟುವ ಸರ್ಕಾರವನ್ನು ಕಿತ್ತೊಗೆಯುವ ಕಾಲ ಸನ್ನಿಹಿತವಾಗಿದೆ. ಯಾತ್ರೆಯಲ್ಲಿ ಪಕ್ಷದ ಮುಖಂಡರು, ಮಹಿಳಾ ಮೋರ್ಚಾ ಹಾಗೂ ಯುವ ಮೋರ್ಚಾ ಕಾರ್ಯಕರ್ತರು ಪಾಲ್ಗೊಂಡಿದ್ದರು. ರಾಜ್ಯದಲ್ಲಿ ಕೇಸರಿ ಪಡೆ ಮೆರವಣಿಗೆ ನಡೆಸಿ ಜಿಲ್ಲಾಧಿಕಾರಿಗೆ ಮನವಿ ಸಲ್ಲಿಸಿತು.
ರಾಜ್ಯದಲ್ಲೇ ತುಘಲಕ್ ದರ್ಬಾರ್: ಕಾಂಗ್ರೆಸ್ ಸರ್ಕಾರ ಜನರ ಮೇಲೆ ಬೆಲೆ ಏರಿಕೆಯ ಭಾರ ಹೇರುತ್ತಿದ್ದು ರಾಜ್ಯದ ಜನತೆ ಬೇಸತ್ತಿದ್ದಾರೆ. ಮುಂದಿನ ದಿನಗಳಲ್ಲಿ ಬಿಜೆಪಿ ಸರ್ಕಾರ ಅಧಿಕಾರಕ್ಕೆ ಬಂದ ಮೇಲೆ ಎಲ್ಲ ಲೆಕ್ಕ ಚುಕ್ತಾ ಮಾಡಲಾಗುವುದು ಎಂದು ಶಾಸಕ ಅಭಯ ಪಾಟೀಲ ಹೇಳಿದರು. ನಗರದಲ್ಲಿ ಬೆಲೆ ಏರಿಕೆ ವಿರೋಧಿಸಿ ಆಯೋಜಿಸಿದ್ದ ಜನಾಕ್ರೋಶ ಯಾತ್ರೆಯಲ್ಲಿ ಪಾಲ್ಗೊಂಡು ಮಾತನಾಡಿದ ಅವರು, ಹಾಲು, ವಿದ್ಯುತ್, ಡೀಸೆಲ್ ಸೇರಿದಂತೆ ದಿನಬಳಕೆ ವಸ್ತುಗಳ ದರ ಏರಿಸಲಾಗಿದೆ. ಗ್ಯಾರಂಟಿ ಯೋಜನೆಗಳ ಹೆಸರಿನಲ್ಲಿ ಜನರನ್ನು ವಂಚಿಸಲಾಗುತ್ತಿದೆ. ಸರ್ಕಾರದ ವೈಫಲ್ಯಗಳನ್ನು ಮನೆ ಮನೆಗೆ ತಲುಪಿಸಲು ಕಾರ್ಯಕರ್ತರು ಶ್ರಮಿಸಬೇಕು ಎಂದರು. ಕಾಂಗ್ರೆಸ್ ಕೊಡುಗೆ ಶೂನ್ಯ: ಬಡವರ ಕಲ್ಯಾಣದ ಹೆಸರಿನಲ್ಲಿ ಕಾಂಗ್ರೆಸ್ ಅಧಿಕಾರ ಹಿಡಿದಿದೆ. ಜನರ ಕಷ್ಟ ಅರಿಯದ ಸರ್ಕಾರಕ್ಕೆ ತಕ್ಕ ಪಾಠ ಕಲಿಸಬೇಕು ಎಂದು ಹೇಳಿದರು.
ಬರದ ಎಂದು ಸಾರ ಜನರಿಗೆ ಕಟ್ಟುವ ಸರ್ಕಾರವನ್ನು ಕಿತ್ತೊಗೆಯುವ ಕಾಲ ಸನ್ನಿಹಿತವಾಗಿದೆ. ಯಾತ್ರೆಯಲ್ಲಿ ಪಕ್ಷದ ಮುಖಂಡರು, ಮಹಿಳಾ ಮೋರ್ಚಾ ಹಾಗೂ ಯುವ ಮೋರ್ಚಾ ಕಾರ್ಯಕರ್ತರು ಪಾಲ್ಗೊಂಡಿದ್ದರು. ರಾಜ್ಯದಲ್ಲಿ ಕೇಸರಿ ಪಡೆ ಮೆರವಣಿಗೆ ನಡೆಸಿ ಜಿಲ್ಲಾಧಿಕಾರಿಗೆ ಮನವಿ ಸಲ್ಲಿಸಿತು.
ಸಾಕ್ಷಿಗಳಿದ್ದರೆ ಸಾಬೀತುಪಡಿಸಲಿ: ಪ್ರದೀಪ್ ಹಾಲ್ಲುಗೆ
ಬೆಳಗಾವಿ: ಮಾಜಿ ಶಾಸಕ ಪಿ. ರಾಜೀವ ಅವರ ಆರೋಪದಲ್ಲಿ ಯಾವುದೇ ಸತ್ಯಾಂಶವಿಲ್ಲ. ಸಾಕ್ಷಿಗಳಿದ್ದರೆ ಸಾಬೀತುಪಡಿಸಲಿ ಎಂದು ಪ್ರದೀಪ್ ಹಾಲ್ಲುಗೆ ಸವಾಲು ಹಾಕಿದರು. ಪತ್ರಿಕಾಗೋಷ್ಠಿಯಲ್ಲಿ ಮಾತನಾಡಿದ ಅವರು, ರಾಜಕೀಯ ದುರುದ್ದೇಶದಿಂದ ಸುಳ್ಳು ಆರೋಪ ಮಾಡಲಾಗುತ್ತಿದೆ. ಕ್ಷೇತ್ರದ ಅಭಿವೃದ್ಧಿಗೆ ಹಗಲಿರುಳು ಶ್ರಮಿಸುತ್ತಿದ್ದೇವೆ. ಯಾವುದೇ ಅನ್ಯಾಯ ಮಾಡಿಲ್ಲ. ಜನರ ವಿಶ್ವಾಸ ನಮ್ಮ ಮೇಲಿದೆ. ಆರೋಪ ಮಾಡುವ ಮುನ್ನ ದಾಖಲೆ ನೀಡಲಿ, ಇಲ್ಲವಾದರೆ ಕ್ಷಮೆಯಾಚಿಸಲಿ ಎಂದು ಆಗ್ರಹಿಸಿದರು. ಪ್ರಜಾಪ್ರಭುತ್ವದಲ್ಲಿ ಟೀಕೆಗೆ ಅವಕಾಶವಿದೆ, ಆದರೆ ವೈಯಕ್ತಿಕ ತೇಜೋವಧೆ ಸರಿಯಲ್ಲ. 2000 ರೂ. ಲಂಚ ಪಡೆದಿದ್ದಾರೆ ಎಂಬ ಆರೋಪ ಸಂಪೂರ್ಣ ಸುಳ್ಳು. ನ್ಯಾಯಾಲಯದ ಮೊರೆ ಹೋಗುವುದಾಗಿ ತಿಳಿಸಿದರು. ಮುಖಂಡರು ಹಾಗೂ ಕಾರ್ಯಕರ್ತರು ಉಪಸ್ಥಿತರಿದ್ದರು.
▶ ಠಾಣೆಗಳು ಯಾವ ದೇಶದಲ್ಲಿ ಮಾಡಿಲ್ಲ: ಹಾಲ್ಲುಗೆ
ಮಾಜಿ ಶಾಸಕ ಪಿ. ರಾಜೀವ ಅವರ ಆರೋಪಗಳಿಗೆ ಸ್ಪಷ್ಟ ಉತ್ತರ ನೀಡಲಾಗಿದೆ. ಗ್ರಾಮ ಪಂಚಾಯತಿ ಸದಸ್ಯರ ಮೇಲೆ ಒತ್ತಡ ಹೇರಿ 2,000 ರೂ. ಲಂಚ ಪಡೆಯಲಾಗಿದೆ ಎಂಬುದು ಕಪೋಲಕಲ್ಪಿತ. ಕ್ಷೇತ್ರದ ಜನತೆ ಸತ್ಯವನ್ನು ಅರಿತಿದ್ದಾರೆ ಎಂದು ಹೇಳಿದರು.
